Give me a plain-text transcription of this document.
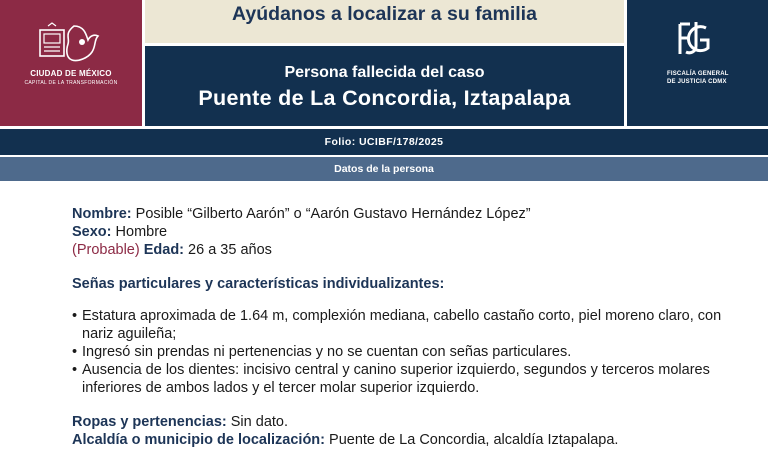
CIUDAD DE MÉXICO
CAPITAL DE LA TRANSFORMACIÓN
Ayúdanos a localizar a su familia
Persona fallecida del caso
Puente de La Concordia, Iztapalapa
FISCALÍA GENERAL
DE JUSTICIA CDMX
Folio: UCIBF/178/2025
Datos de la persona
Nombre: Posible “Gilberto Aarón” o “Aarón Gustavo Hernández López”
Sexo: Hombre
(Probable) Edad: 26 a 35 años
Señas particulares y características individualizantes:
• Estatura aproximada de 1.64 m, complexión mediana, cabello castaño corto, piel moreno claro, con nariz aguileña;
• Ingresó sin prendas ni pertenencias y no se cuentan con señas particulares.
• Ausencia de los dientes: incisivo central y canino superior izquierdo, segundos y terceros molares inferiores de ambos lados y el tercer molar superior izquierdo.
Ropas y pertenencias: Sin dato.
Alcaldía o municipio de localización: Puente de La Concordia, alcaldía Iztapalapa.
